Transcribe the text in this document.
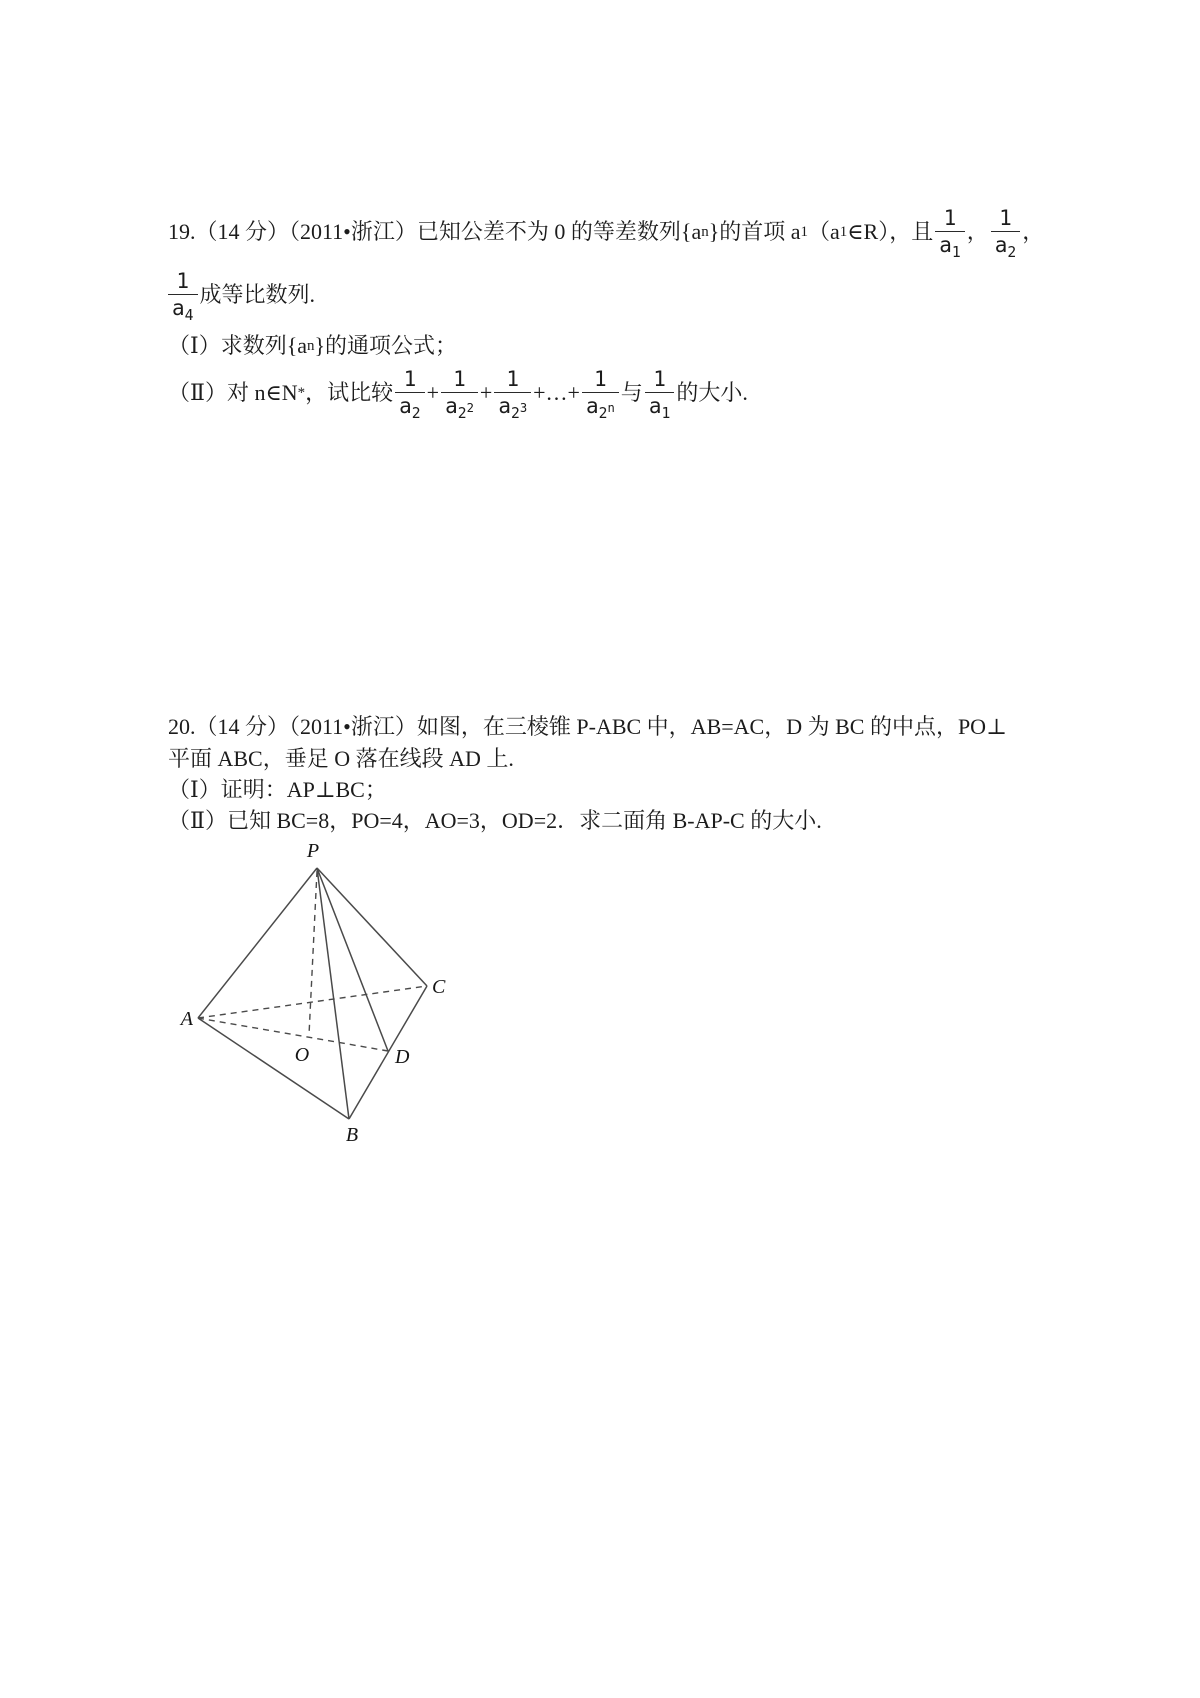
19.（14 分）（2011•浙江）已知公差不为 0 的等差数列{a n }的首项 a 1 （a 1 ∈R），且 $\frac{1}{a_1}$ ， $\frac{1}{a_2}$ ，
$\frac{1}{a_4}$ 成等比数列.
（Ⅰ）求数列{a n }的通项公式；
（Ⅱ）对 n∈N * ，试比较 $\frac{1}{a_2} + \frac{1}{a_22} + \frac{1}{a_23}$ +…+ $\frac{1}{a_2n}$ 与 $\frac{1}{a_1}$ 的大小.
20.（14 分）（2011•浙江）如图，在三棱锥 P-ABC 中，AB=AC，D 为 BC 的中点，PO⊥
平面 ABC，垂足 O 落在线段 AD 上.
（Ⅰ）证明：AP⊥BC；
（Ⅱ）已知 BC=8，PO=4，AO=3，OD=2．求二面角 B-AP-C 的大小.
P
A
C
O	D
B
